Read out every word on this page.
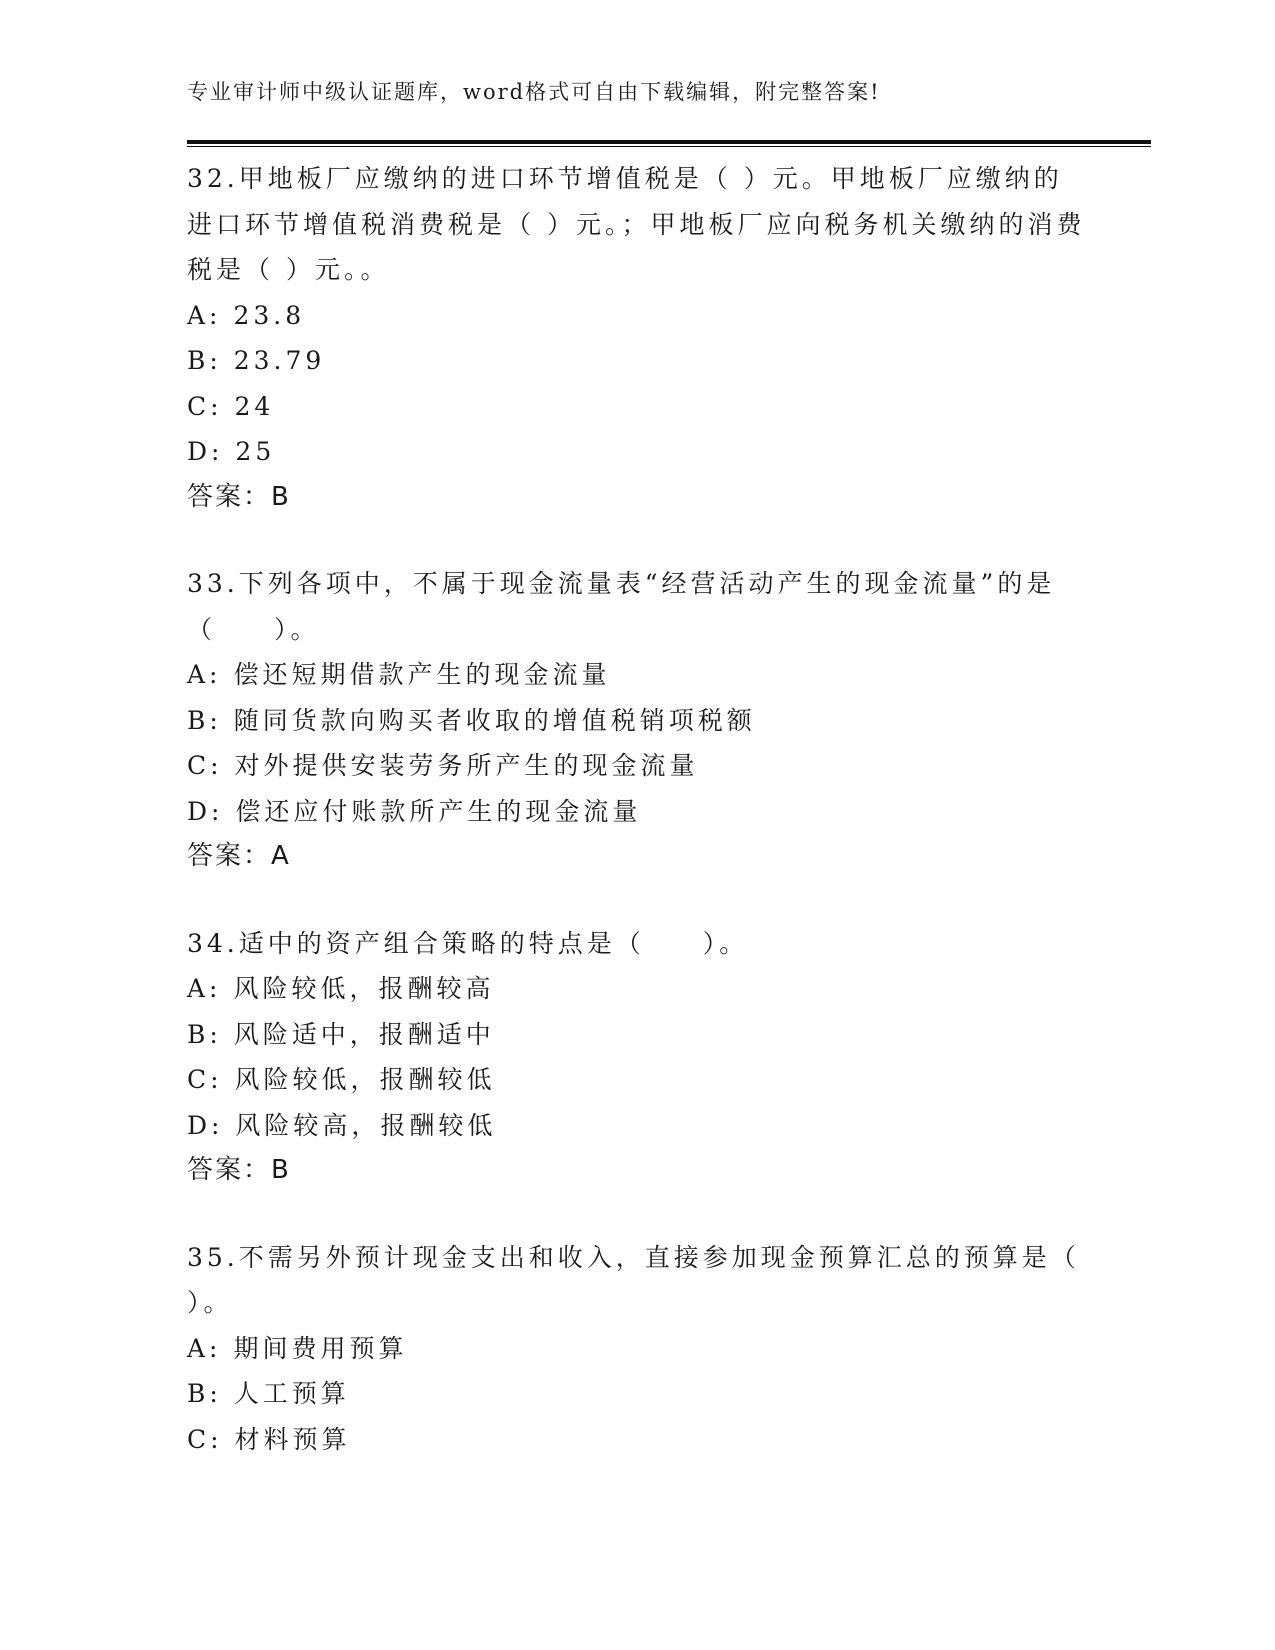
专业审计师中级认证题库，word格式可自由下载编辑，附完整答案!

32.甲地板厂应缴纳的进口环节增值税是（ ）元。甲地板厂应缴纳的进口环节增值税消费税是（ ）元。；甲地板厂应向税务机关缴纳的消费税是（ ）元。。

A: 23.8

B: 23.79

C: 24

D: 25

答案：B

33.下列各项中，不属于现金流量表“经营活动产生的现金流量”的是（　　）。

A: 偿还短期借款产生的现金流量

B: 随同货款向购买者收取的增值税销项税额

C: 对外提供安装劳务所产生的现金流量

D: 偿还应付账款所产生的现金流量

答案：A

34.适中的资产组合策略的特点是（　　）。

A: 风险较低，报酬较高

B: 风险适中，报酬适中

C: 风险较低，报酬较低

D: 风险较高，报酬较低

答案：B

35.不需另外预计现金支出和收入，直接参加现金预算汇总的预算是（ ）。

A: 期间费用预算

B: 人工预算

C: 材料预算
